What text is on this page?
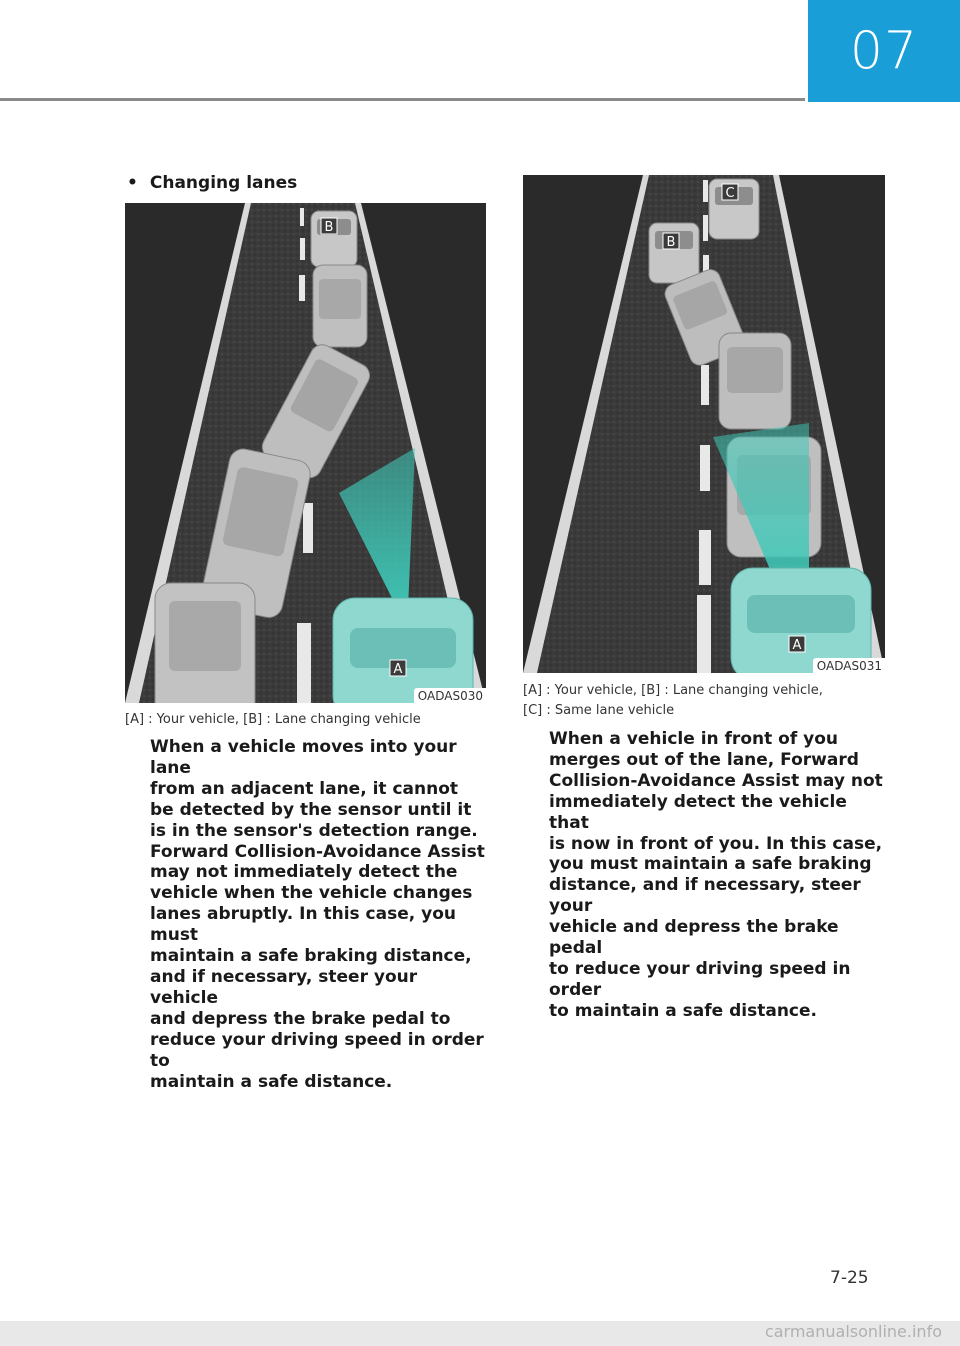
07
• Changing lanes
A
B
OADAS030
[A] : Your vehicle, [B] : Lane changing vehicle
A
B
C
OADAS031
[A] : Your vehicle, [B] : Lane changing vehicle,
[C] : Same lane vehicle
When a vehicle moves into your lane
from an adjacent lane, it cannot
be detected by the sensor until it
is in the sensor's detection range.
Forward Collision-Avoidance Assist
may not immediately detect the
vehicle when the vehicle changes
lanes abruptly. In this case, you must
maintain a safe braking distance,
and if necessary, steer your vehicle
and depress the brake pedal to
reduce your driving speed in order to
maintain a safe distance.
When a vehicle in front of you
merges out of the lane, Forward
Collision-Avoidance Assist may not
immediately detect the vehicle that
is now in front of you. In this case,
you must maintain a safe braking
distance, and if necessary, steer your
vehicle and depress the brake pedal
to reduce your driving speed in order
to maintain a safe distance.
7-25
carmanualsonline.info
